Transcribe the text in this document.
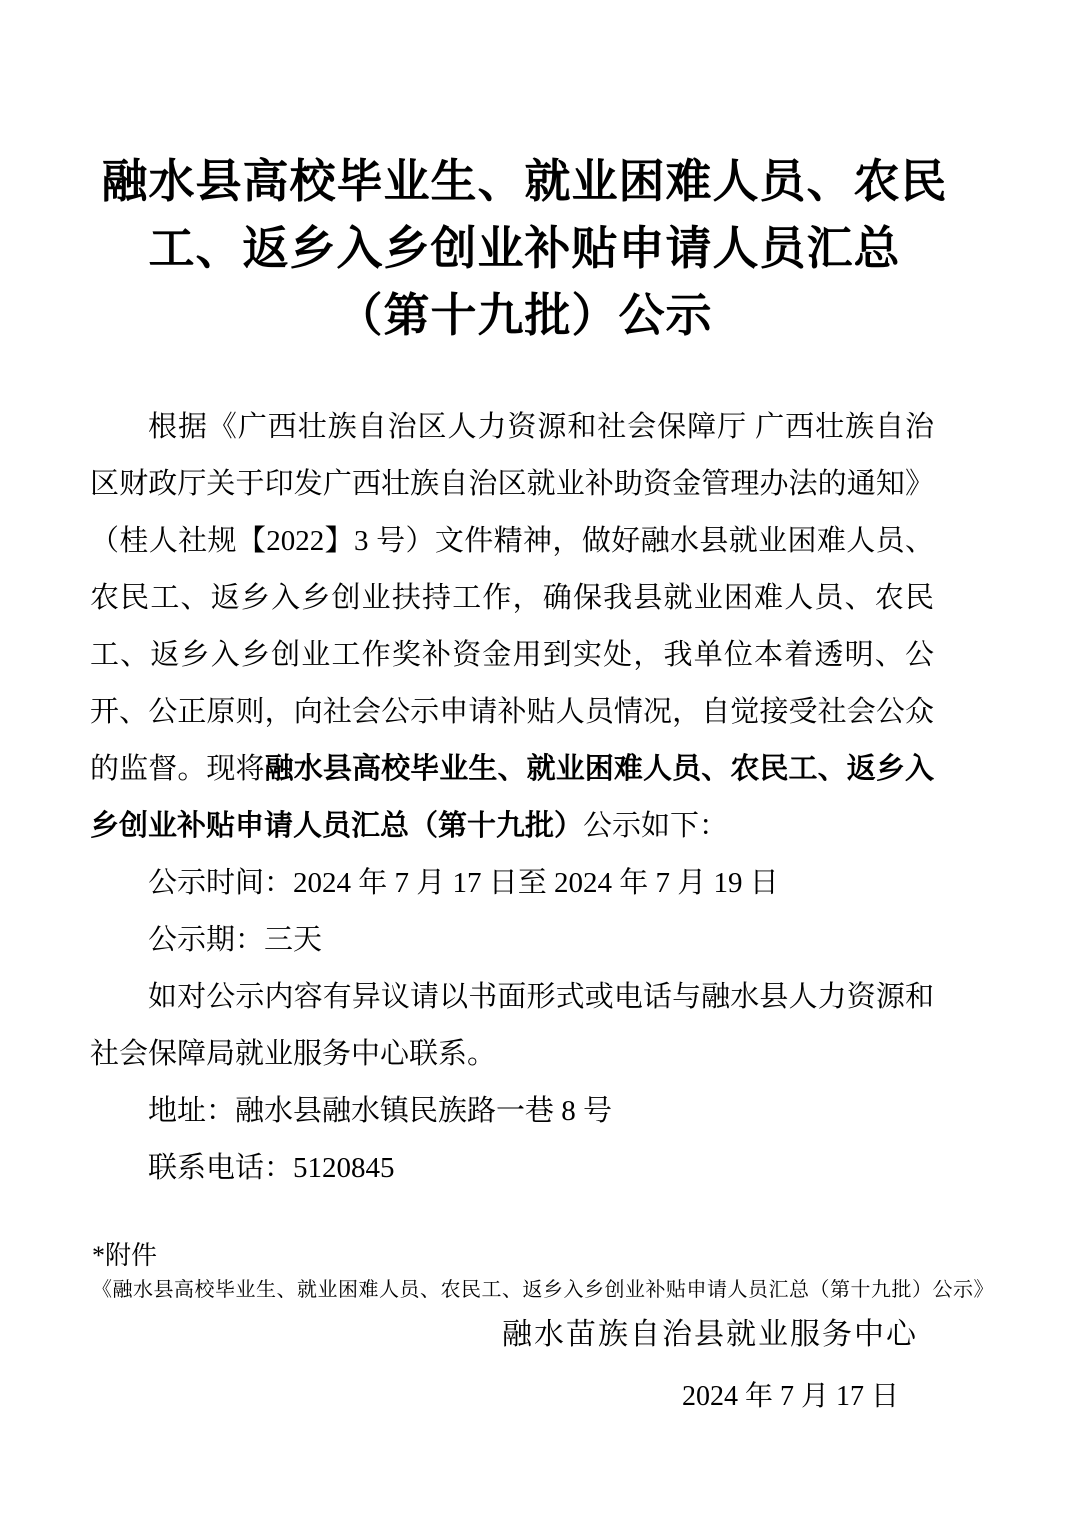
融水县高校毕业生、就业困难人员、农民
工、返乡入乡创业补贴申请人员汇总
（第十九批）公示

根据《广西壮族自治区人力资源和社会保障厅 广西壮族自治区财政厅关于印发广西壮族自治区就业补助资金管理办法的通知》（桂人社规【2022】3 号）文件精神，做好融水县就业困难人员、农民工、返乡入乡创业扶持工作，确保我县就业困难人员、农民工、返乡入乡创业工作奖补资金用到实处，我单位本着透明、公开、公正原则，向社会公示申请补贴人员情况，自觉接受社会公众的监督。现将融水县高校毕业生、就业困难人员、农民工、返乡入乡创业补贴申请人员汇总（第十九批）公示如下：

公示时间：2024 年 7 月 17 日至 2024 年 7 月 19 日

公示期：三天

如对公示内容有异议请以书面形式或电话与融水县人力资源和社会保障局就业服务中心联系。

地址：融水县融水镇民族路一巷 8 号

联系电话：5120845

*附件
《融水县高校毕业生、就业困难人员、农民工、返乡入乡创业补贴申请人员汇总（第十九批）公示》
融水苗族自治县就业服务中心
2024 年 7 月 17 日
